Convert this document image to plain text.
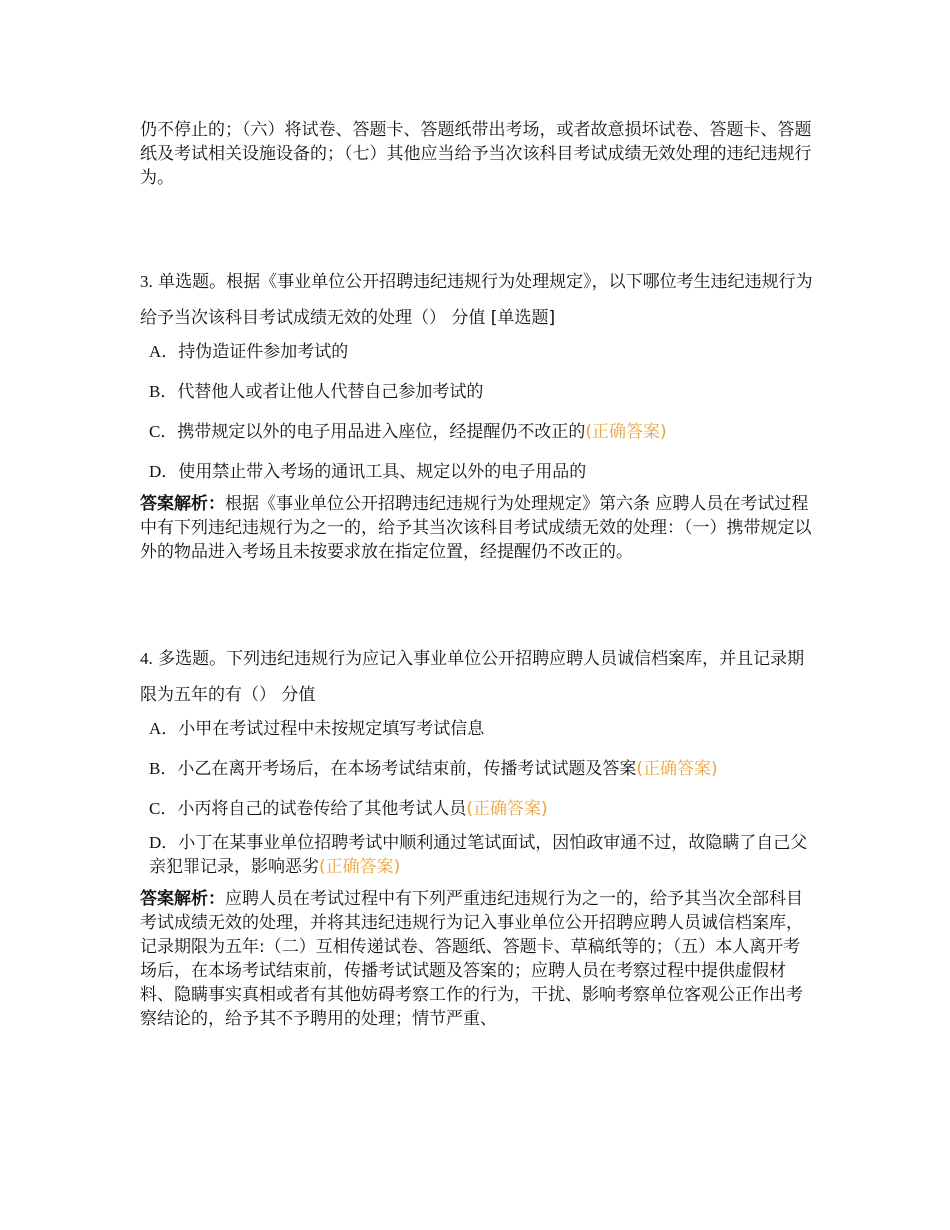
仍不停止的；（六）将试卷、答题卡、答题纸带出考场，或者故意损坏试卷、答题卡、答题纸及考试相关设施设备的；（七）其他应当给予当次该科目考试成绩无效处理的违纪违规行为。

3. 单选题。根据《事业单位公开招聘违纪违规行为处理规定》，以下哪位考生违纪违规行为给予当次该科目考试成绩无效的处理（） 分值 [单选题]

A．持伪造证件参加考试的
B．代替他人或者让他人代替自己参加考试的
C．携带规定以外的电子用品进入座位，经提醒仍不改正的(正确答案)
D．使用禁止带入考场的通讯工具、规定以外的电子用品的

答案解析：根据《事业单位公开招聘违纪违规行为处理规定》第六条 应聘人员在考试过程中有下列违纪违规行为之一的，给予其当次该科目考试成绩无效的处理：（一）携带规定以外的物品进入考场且未按要求放在指定位置，经提醒仍不改正的。

4. 多选题。下列违纪违规行为应记入事业单位公开招聘应聘人员诚信档案库，并且记录期限为五年的有（） 分值

A．小甲在考试过程中未按规定填写考试信息
B．小乙在离开考场后，在本场考试结束前，传播考试试题及答案(正确答案)
C．小丙将自己的试卷传给了其他考试人员(正确答案)
D．小丁在某事业单位招聘考试中顺利通过笔试面试，因怕政审通不过，故隐瞒了自己父亲犯罪记录，影响恶劣(正确答案)

答案解析：应聘人员在考试过程中有下列严重违纪违规行为之一的，给予其当次全部科目考试成绩无效的处理，并将其违纪违规行为记入事业单位公开招聘应聘人员诚信档案库，记录期限为五年:（二）互相传递试卷、答题纸、答题卡、草稿纸等的；（五）本人离开考场后，在本场考试结束前，传播考试试题及答案的；应聘人员在考察过程中提供虚假材料、隐瞒事实真相或者有其他妨碍考察工作的行为，干扰、影响考察单位客观公正作出考察结论的，给予其不予聘用的处理；情节严重、
